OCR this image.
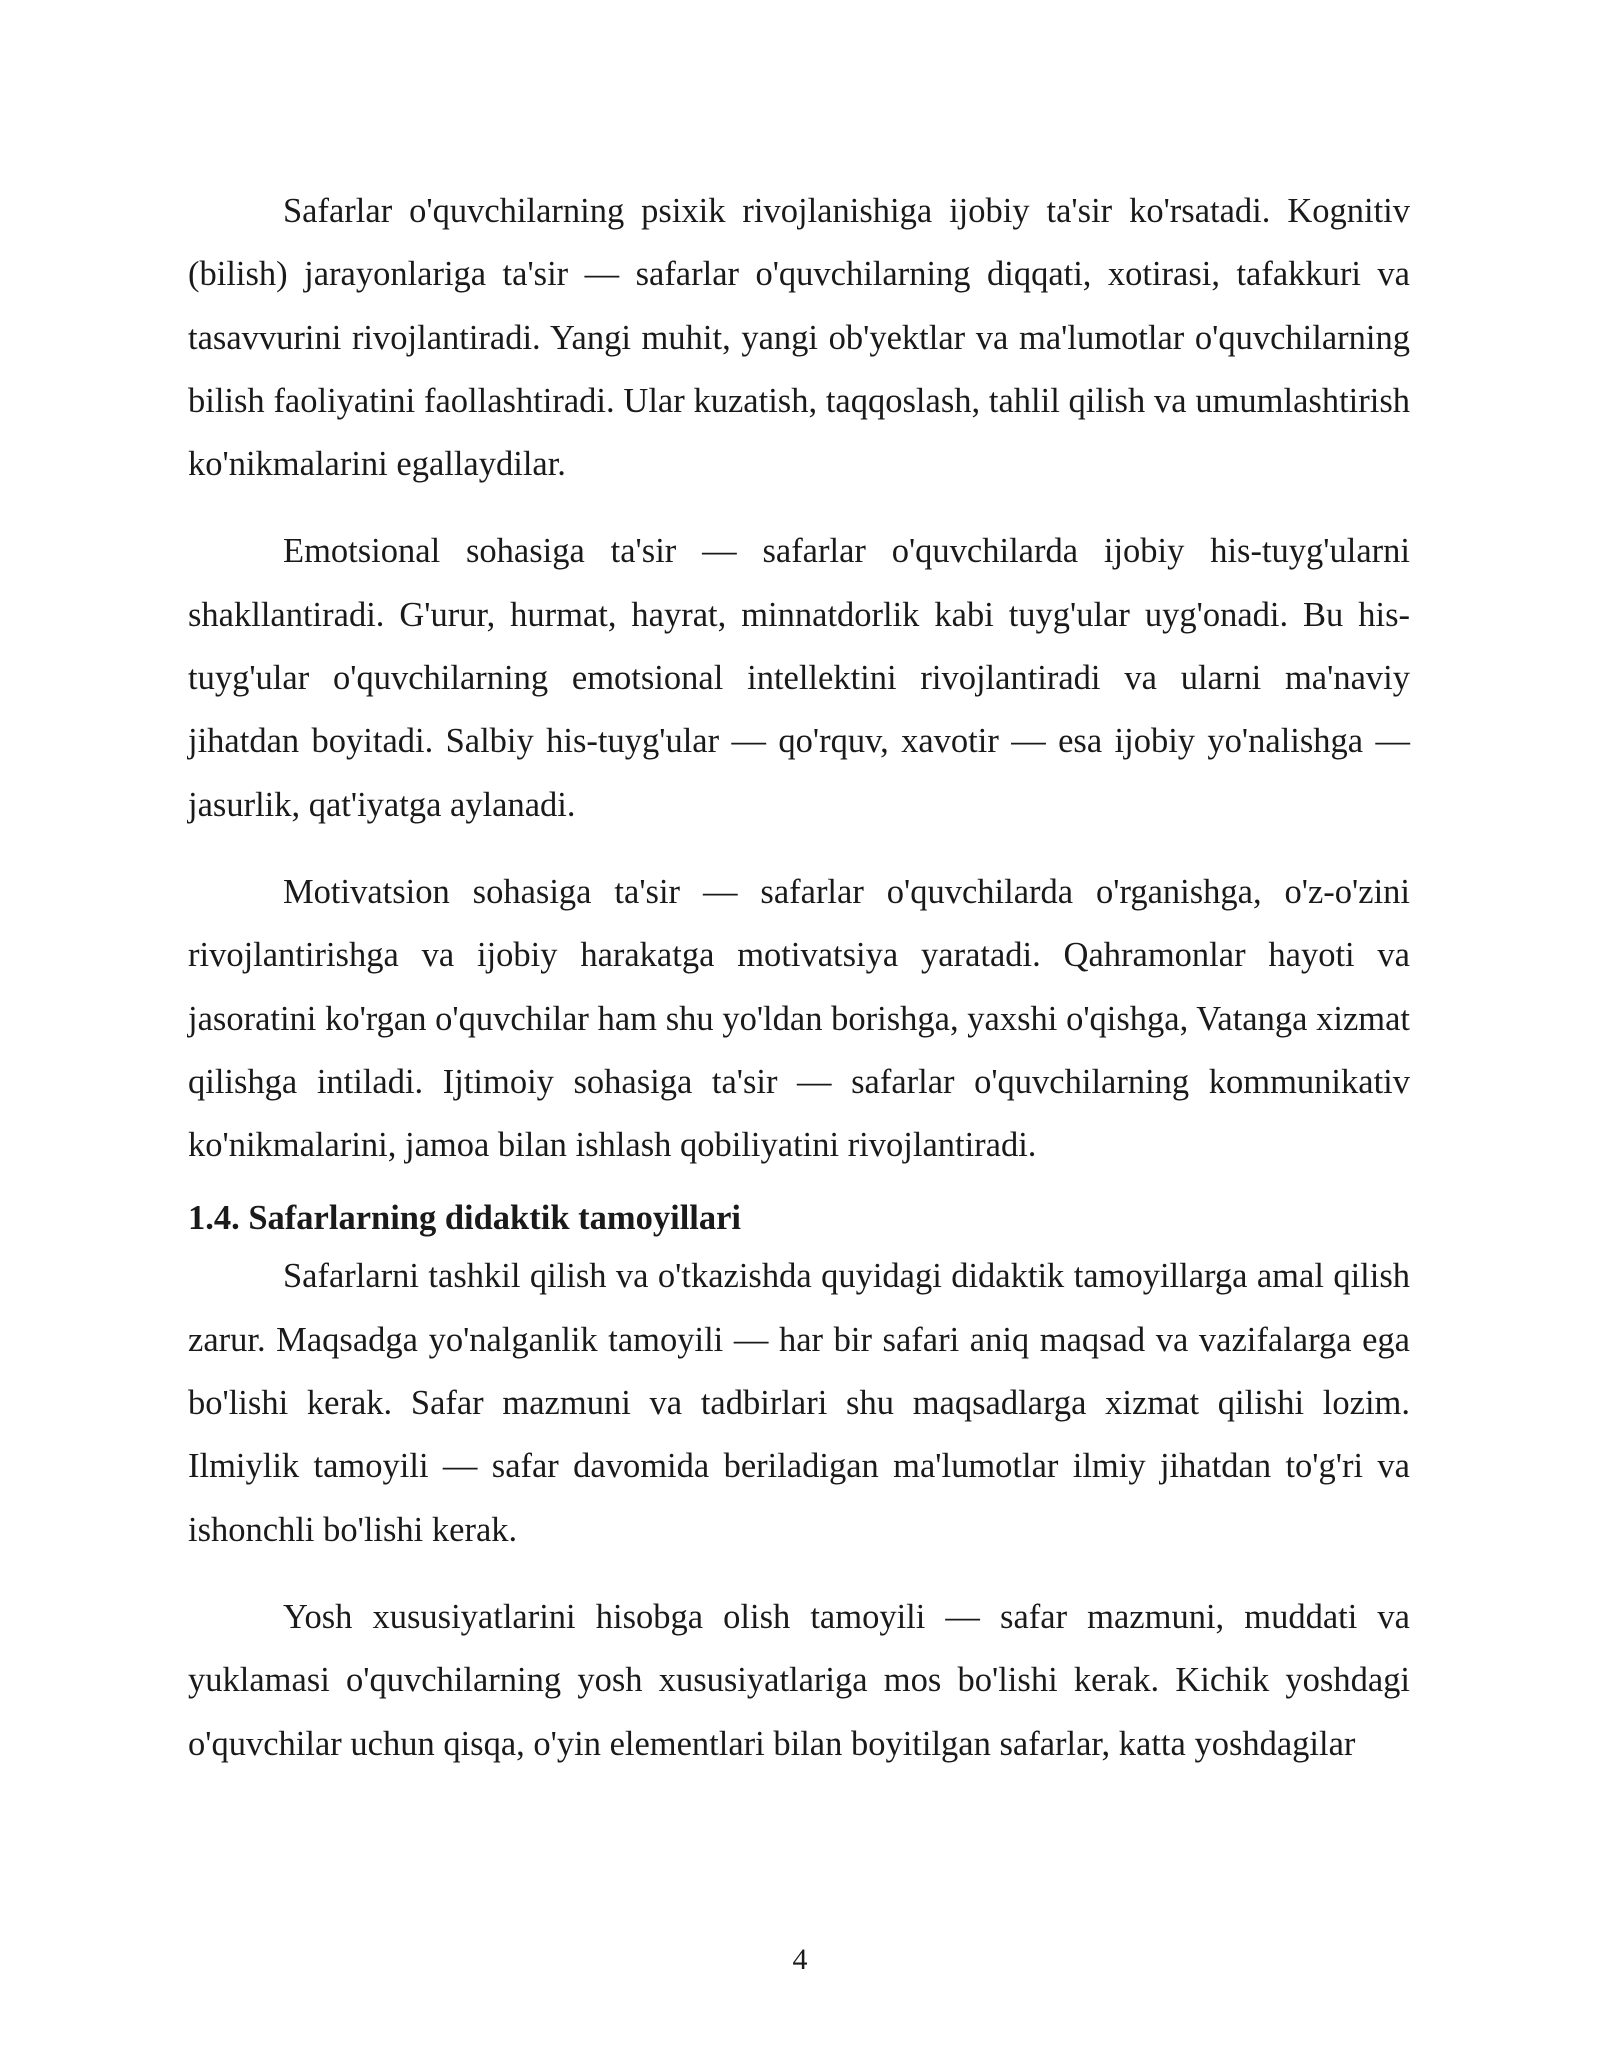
Safarlar o'quvchilarning psixik rivojlanishiga ijobiy ta'sir ko'rsatadi. Kognitiv (bilish) jarayonlariga ta'sir — safarlar o'quvchilarning diqqati, xotirasi, tafakkuri va tasavvurini rivojlantiradi. Yangi muhit, yangi ob'yektlar va ma'lumotlar o'quvchilarning bilish faoliyatini faollashtiradi. Ular kuzatish, taqqoslash, tahlil qilish va umumlashtirish ko'nikmalarini egallaydilar.

Emotsional sohasiga ta'sir — safarlar o'quvchilarda ijobiy his-tuyg'ularni shakllantiradi. G'urur, hurmat, hayrat, minnatdorlik kabi tuyg'ular uyg'onadi. Bu his-tuyg'ular o'quvchilarning emotsional intellektini rivojlantiradi va ularni ma'naviy jihatdan boyitadi. Salbiy his-tuyg'ular — qo'rquv, xavotir — esa ijobiy yo'nalishga — jasurlik, qat'iyatga aylanadi.

Motivatsion sohasiga ta'sir — safarlar o'quvchilarda o'rganishga, o'z-o'zini rivojlantirishga va ijobiy harakatga motivatsiya yaratadi. Qahramonlar hayoti va jasoratini ko'rgan o'quvchilar ham shu yo'ldan borishga, yaxshi o'qishga, Vatanga xizmat qilishga intiladi. Ijtimoiy sohasiga ta'sir — safarlar o'quvchilarning kommunikativ ko'nikmalarini, jamoa bilan ishlash qobiliyatini rivojlantiradi.

1.4. Safarlarning didaktik tamoyillari

Safarlarni tashkil qilish va o'tkazishda quyidagi didaktik tamoyillarga amal qilish zarur. Maqsadga yo'nalganlik tamoyili — har bir safari aniq maqsad va vazifalarga ega bo'lishi kerak. Safar mazmuni va tadbirlari shu maqsadlarga xizmat qilishi lozim. Ilmiylik tamoyili — safar davomida beriladigan ma'lumotlar ilmiy jihatdan to'g'ri va ishonchli bo'lishi kerak.

Yosh xususiyatlarini hisobga olish tamoyili — safar mazmuni, muddati va yuklamasi o'quvchilarning yosh xususiyatlariga mos bo'lishi kerak. Kichik yoshdagi o'quvchilar uchun qisqa, o'yin elementlari bilan boyitilgan safarlar, katta yoshdagilar

4
